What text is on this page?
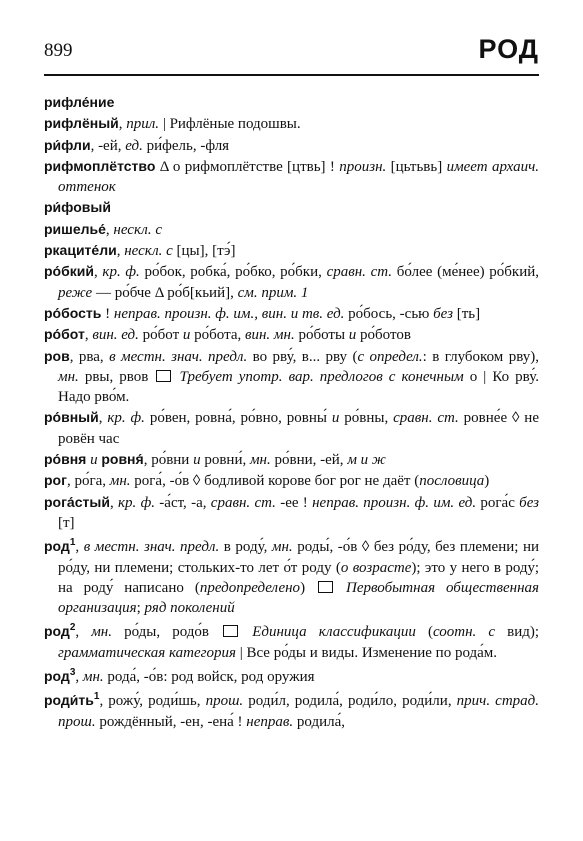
899	РОД
рифле́ние
рифлёный, прил. | Рифлёные подошвы.
ри́фли, -ей, ед. ри́фель, -фля
рифмоплётство Δ о рифмоплётстве [цтвь] ! произн. [цьтьвь] имеет архаич. оттенок
ри́фовый
ришелье́, нескл. с
ркаците́ли, нескл. с [цы], [тэ́]
ро́бкий, кр. ф. ро́бок, робка́, ро́бко, ро́бки, сравн. ст. бо́лее (ме́нее) ро́бкий, реже — ро́бче Δ ро́б[кьий], см. прим. 1
ро́бость ! неправ. произн. ф. им., вин. и тв. ед. ро́бось, -сью без [ть]
ро́бот, вин. ед. ро́бот и ро́бота, вин. мн. ро́боты и ро́ботов
ров, рва, в местн. знач. предл. во рву́, в... рву (с определ.: в глубоком рву), мн. рвы, рвов  Требует употр. вар. предлогов с конечным о | Ко рву́. Надо рво́м.
ро́вный, кр. ф. ро́вен, ровна́, ро́вно, ровны́ и ро́вны, сравн. ст. ровне́е ◊ не ровён час
ро́вня и ровня́, ро́вни и ровни́, мн. ро́вни, -ей, м и ж
рог, ро́га, мн. рога́, -о́в ◊ бодливой корове бог рог не даёт (пословица)
рога́стый, кр. ф. -а́ст, -а, сравн. ст. -ее ! неправ. произн. ф. им. ед. рога́с без [т]
род$^1$, в местн. знач. предл. в роду́, мн. роды́, -о́в ◊ без ро́ду, без племени; ни ро́ду, ни племени; стольких-то лет о́т роду (о возрасте); это у него в роду́; на роду́ написано (предопределено)  Первобытная общественная организация; ряд поколений
род$^2$, мн. ро́ды, родо́в  Единица классификации (соотн. с вид); грамматическая категория | Все ро́ды и виды. Изменение по рода́м.
род$^3$, мн. рода́, -о́в: род войск, род оружия
$роди́ть^1$, рожу́, роди́шь, прош. роди́л, родила́, роди́ло, роди́ли, прич. страд. прош. рождённый, -ен, -ена́ ! неправ. родила́,
